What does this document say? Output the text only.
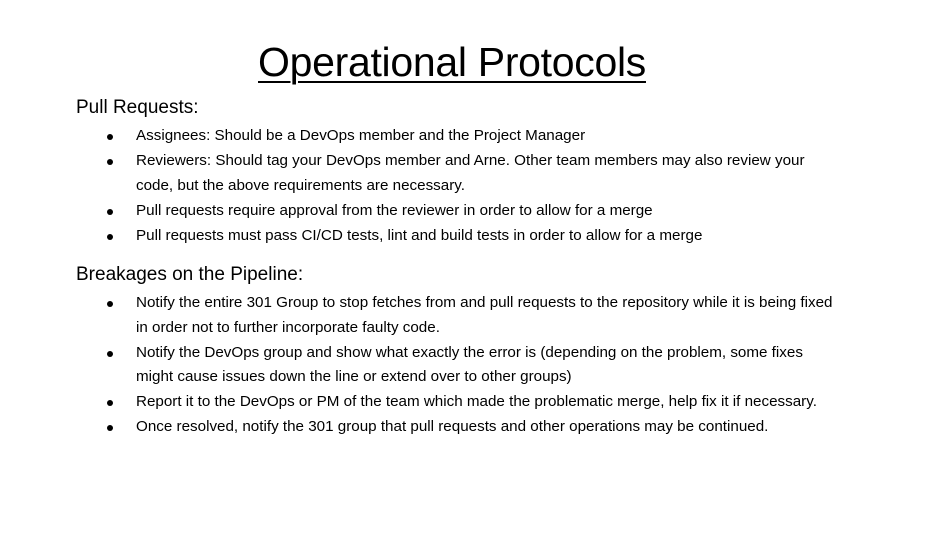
Operational Protocols
Pull Requests:
Assignees: Should be a DevOps member and the Project Manager
Reviewers: Should tag your DevOps member and Arne. Other team members may also review your code, but the above requirements are necessary.
Pull requests require approval from the reviewer in order to allow for a merge
Pull requests must pass CI/CD tests, lint and build tests in order to allow for a merge
Breakages on the Pipeline:
Notify the entire 301 Group to stop fetches from and pull requests to the repository while it is being fixed in order not to further incorporate faulty code.
Notify the DevOps group and show what exactly the error is (depending on the problem, some fixes might cause issues down the line or extend over to other groups)
Report it to the DevOps or PM of the team which made the problematic merge, help fix it if necessary.
Once resolved, notify the 301 group that pull requests and other operations may be continued.
